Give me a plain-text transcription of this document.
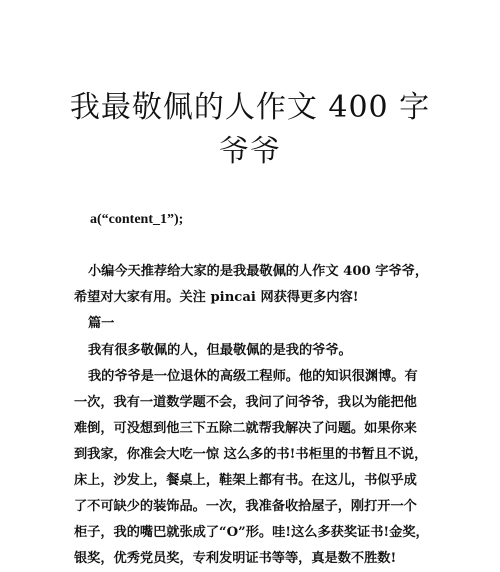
我最敬佩的人作文 400 字
爷爷

a(“content_1”);

小编今天推荐给大家的是我最敬佩的人作文 400 字爷爷，

希望对大家有用。关注 pincai 网获得更多内容!

篇一

我有很多敬佩的人，但最敬佩的是我的爷爷。

我的爷爷是一位退休的高级工程师。他的知识很渊博。有

一次，我有一道数学题不会，我问了问爷爷，我以为能把他

难倒，可没想到他三下五除二就帮我解决了问题。如果你来

到我家，你准会大吃一惊 这么多的书!书柜里的书暂且不说，

床上，沙发上，餐桌上，鞋架上都有书。在这儿，书似乎成

了不可缺少的装饰品。一次，我准备收拾屋子，刚打开一个

柜子，我的嘴巴就张成了“O”形。哇!这么多获奖证书!金奖，

银奖，优秀党员奖，专利发明证书等等，真是数不胜数!
